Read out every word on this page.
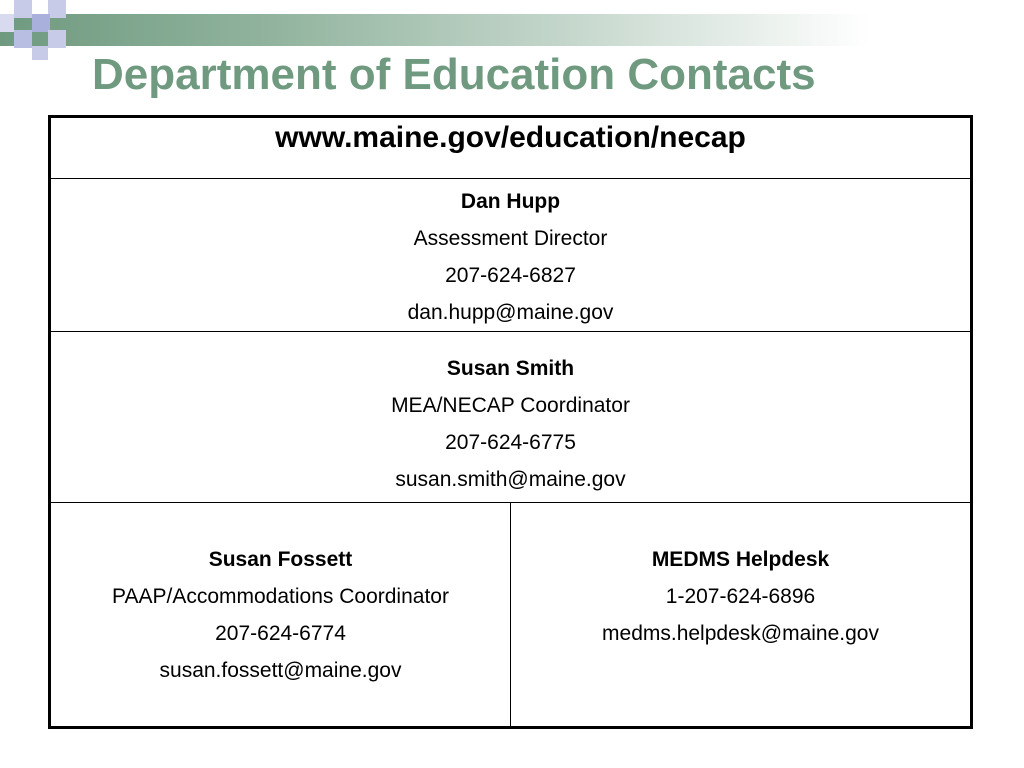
Department of Education Contacts
www.maine.gov/education/necap

Dan Hupp
Assessment Director
207-624-6827
dan.hupp@maine.gov

Susan Smith
MEA/NECAP Coordinator
207-624-6775
susan.smith@maine.gov

Susan Fossett
PAAP/Accommodations Coordinator
207-624-6774
susan.fossett@maine.gov

MEDMS Helpdesk
1-207-624-6896
medms.helpdesk@maine.gov
